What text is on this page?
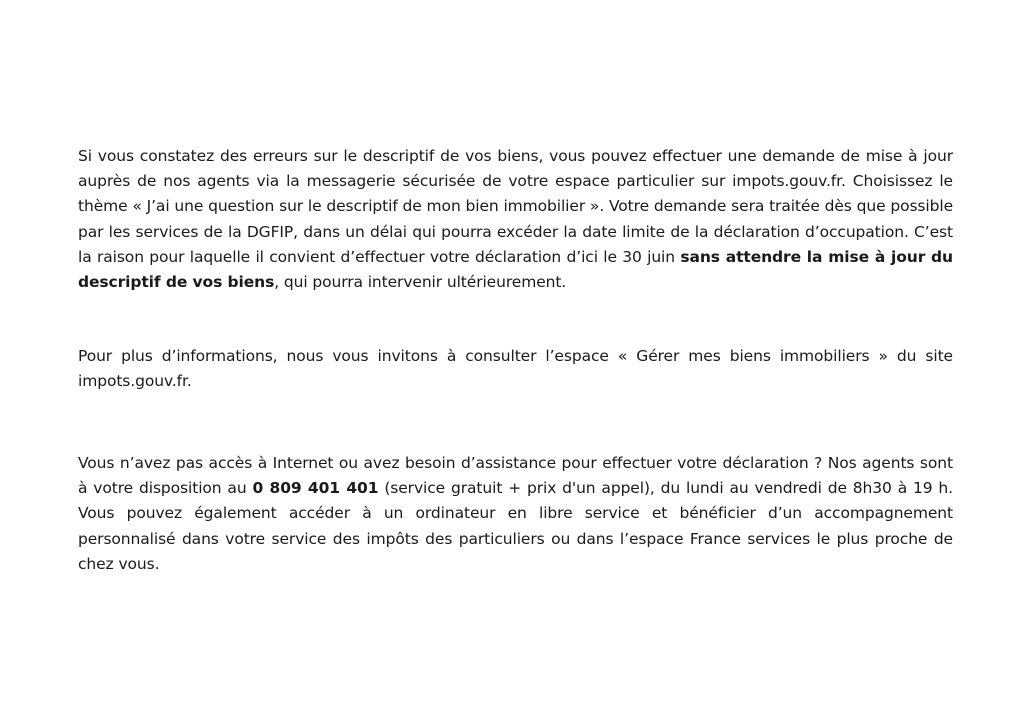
Si vous constatez des erreurs sur le descriptif de vos biens, vous pouvez effectuer une demande de mise à jour auprès de nos agents via la messagerie sécurisée de votre espace particulier sur impots.gouv.fr. Choisissez le thème « J’ai une question sur le descriptif de mon bien immobilier ». Votre demande sera traitée dès que possible par les services de la DGFIP, dans un délai qui pourra excéder la date limite de la déclaration d’occupation. C’est la raison pour laquelle il convient d’effectuer votre déclaration d’ici le 30 juin sans attendre la mise à jour du descriptif de vos biens, qui pourra intervenir ultérieurement.

Pour plus d’informations, nous vous invitons à consulter l’espace « Gérer mes biens immobiliers » du site impots.gouv.fr.

Vous n’avez pas accès à Internet ou avez besoin d’assistance pour effectuer votre déclaration ? Nos agents sont à votre disposition au 0 809 401 401 (service gratuit + prix d'un appel), du lundi au vendredi de 8h30 à 19 h. Vous pouvez également accéder à un ordinateur en libre service et bénéficier d’un accompagnement personnalisé dans votre service des impôts des particuliers ou dans l’espace France services le plus proche de chez vous.
